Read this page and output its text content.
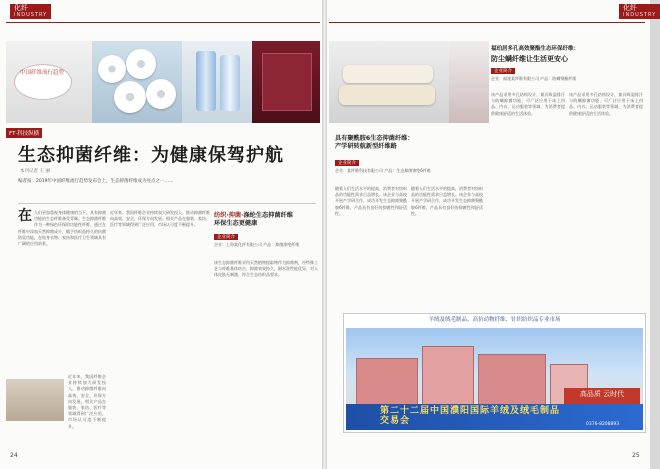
化纤
INDUSTRY
中国纤维流行趋势
FT·科技纵横
生态抑菌纤维：为健康保驾护航
本刊记者 王 丽
编者按：2019年中国纤维流行趋势发布会上，生态抑菌纤维成为亮点之一……
在 人们更加重视身体健康的当下，具有抑菌功能的生态纤维备受青睐。生态抑菌纤维作为一种绿色环保的功能性纤维，通过在纤维中添加天然抑菌成分，赋予纺织品持久的抗菌防臭功能，在贴身衣物、家纺和医疗卫生领域具有广阔的应用前景。
近年来，我国纤维企业持续加大研发投入，推动抑菌纤维向高效、安全、环保方向发展。相关产品在服装、家纺、医疗等领域得到广泛应用，市场认可度不断提升。
近年来，我国纤维企业持续加大研发投入，推动抑菌纤维向高效、安全、环保方向发展。相关产品在服装、家纺、医疗等领域得到广泛应用，市场认可度不断提升。
纺织·抑菌·涤纶生态抑菌纤维
环保生态更健康
企业简介
企业：上海某化纤有限公司 产品：抑菌涤纶纤维
该生态抑菌纤维采用天然植物提取物作为抑菌剂，经特殊工艺与纤维基体结合，抑菌效果持久，耐水洗性能优异，对人体皮肤无刺激，符合生态纺织品要求。
24
化纤
INDUSTRY
具有聚酰胺6生态抑菌纤维：
产学研转航新型纤维路
企业简介
企业：某纤维科技有限公司 产品：生态抑菌锦纶6纤维
随着人们生活水平的提高，消费者对纺织品的功能性需求日益增长。该企业与高校开展产学研合作，成功开发生态抑菌聚酰胺6纤维，产品具有良好的抑菌性和舒适性。
随着人们生活水平的提高，消费者对纺织品的功能性需求日益增长。该企业与高校开展产学研合作，成功开发生态抑菌聚酰胺6纤维，产品具有良好的抑菌性和舒适性。
福珀居多孔高效聚酯生态环保纤维：
防尘螨纤维让生活更安心
企业简介
企业：福建某纤维有限公司 产品：防螨聚酯纤维
该产品采用多孔结构设计，兼具吸湿排汗与防螨抑菌功能，可广泛应用于床上用品、内衣、运动服装等领域，为消费者提供健康舒适的生活体验。
该产品采用多孔结构设计，兼具吸湿排汗与防螨抑菌功能，可广泛应用于床上用品、内衣、运动服装等领域，为消费者提供健康舒适的生活体验。
25
羊绒及绒毛制品、高仿动物纤维、针织纺织品专业市场
高品质 云时代
第二十二届中国濮阳国际羊绒及绒毛制品交易会	0376-8208893
